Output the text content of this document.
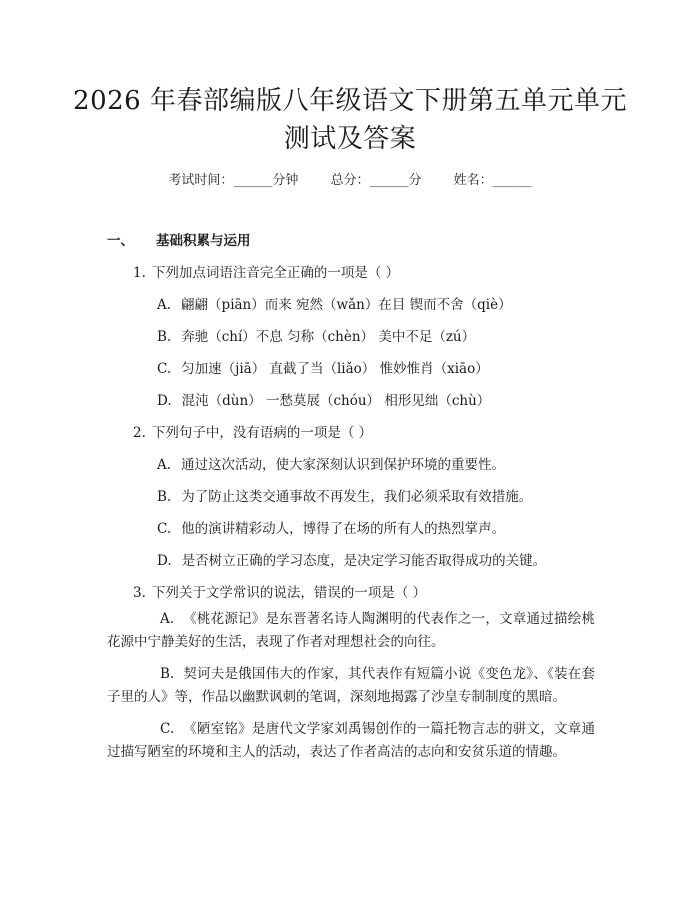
2026 年春部编版八年级语文下册第五单元单元测试及答案
考试时间：______分钟 总分：______分 姓名：______
一、 基础积累与运用
1. 下列加点词语注音完全正确的一项是（ ）
A. 翩翩（piān）而来 宛然（wǎn）在目 锲而不舍（qiè）
B. 奔驰（chí）不息 匀称（chèn） 美中不足（zú）
C. 匀加速（jiā） 直截了当（liǎo） 惟妙惟肖（xiāo）
D. 混沌（dùn） 一愁莫展（chóu） 相形见绌（chù）
2. 下列句子中，没有语病的一项是（ ）
A. 通过这次活动，使大家深刻认识到保护环境的重要性。
B. 为了防止这类交通事故不再发生，我们必须采取有效措施。
C. 他的演讲精彩动人，博得了在场的所有人的热烈掌声。
D. 是否树立正确的学习态度，是决定学习能否取得成功的关键。
3. 下列关于文学常识的说法，错误的一项是（ ）
A. 《桃花源记》是东晋著名诗人陶渊明的代表作之一，文章通过描绘桃花源中宁静美好的生活，表现了作者对理想社会的向往。
B. 契诃夫是俄国伟大的作家，其代表作有短篇小说《变色龙》、《装在套子里的人》等，作品以幽默讽刺的笔调，深刻地揭露了沙皇专制制度的黑暗。
C. 《陋室铭》是唐代文学家刘禹锡创作的一篇托物言志的骈文，文章通过描写陋室的环境和主人的活动，表达了作者高洁的志向和安贫乐道的情趣。
